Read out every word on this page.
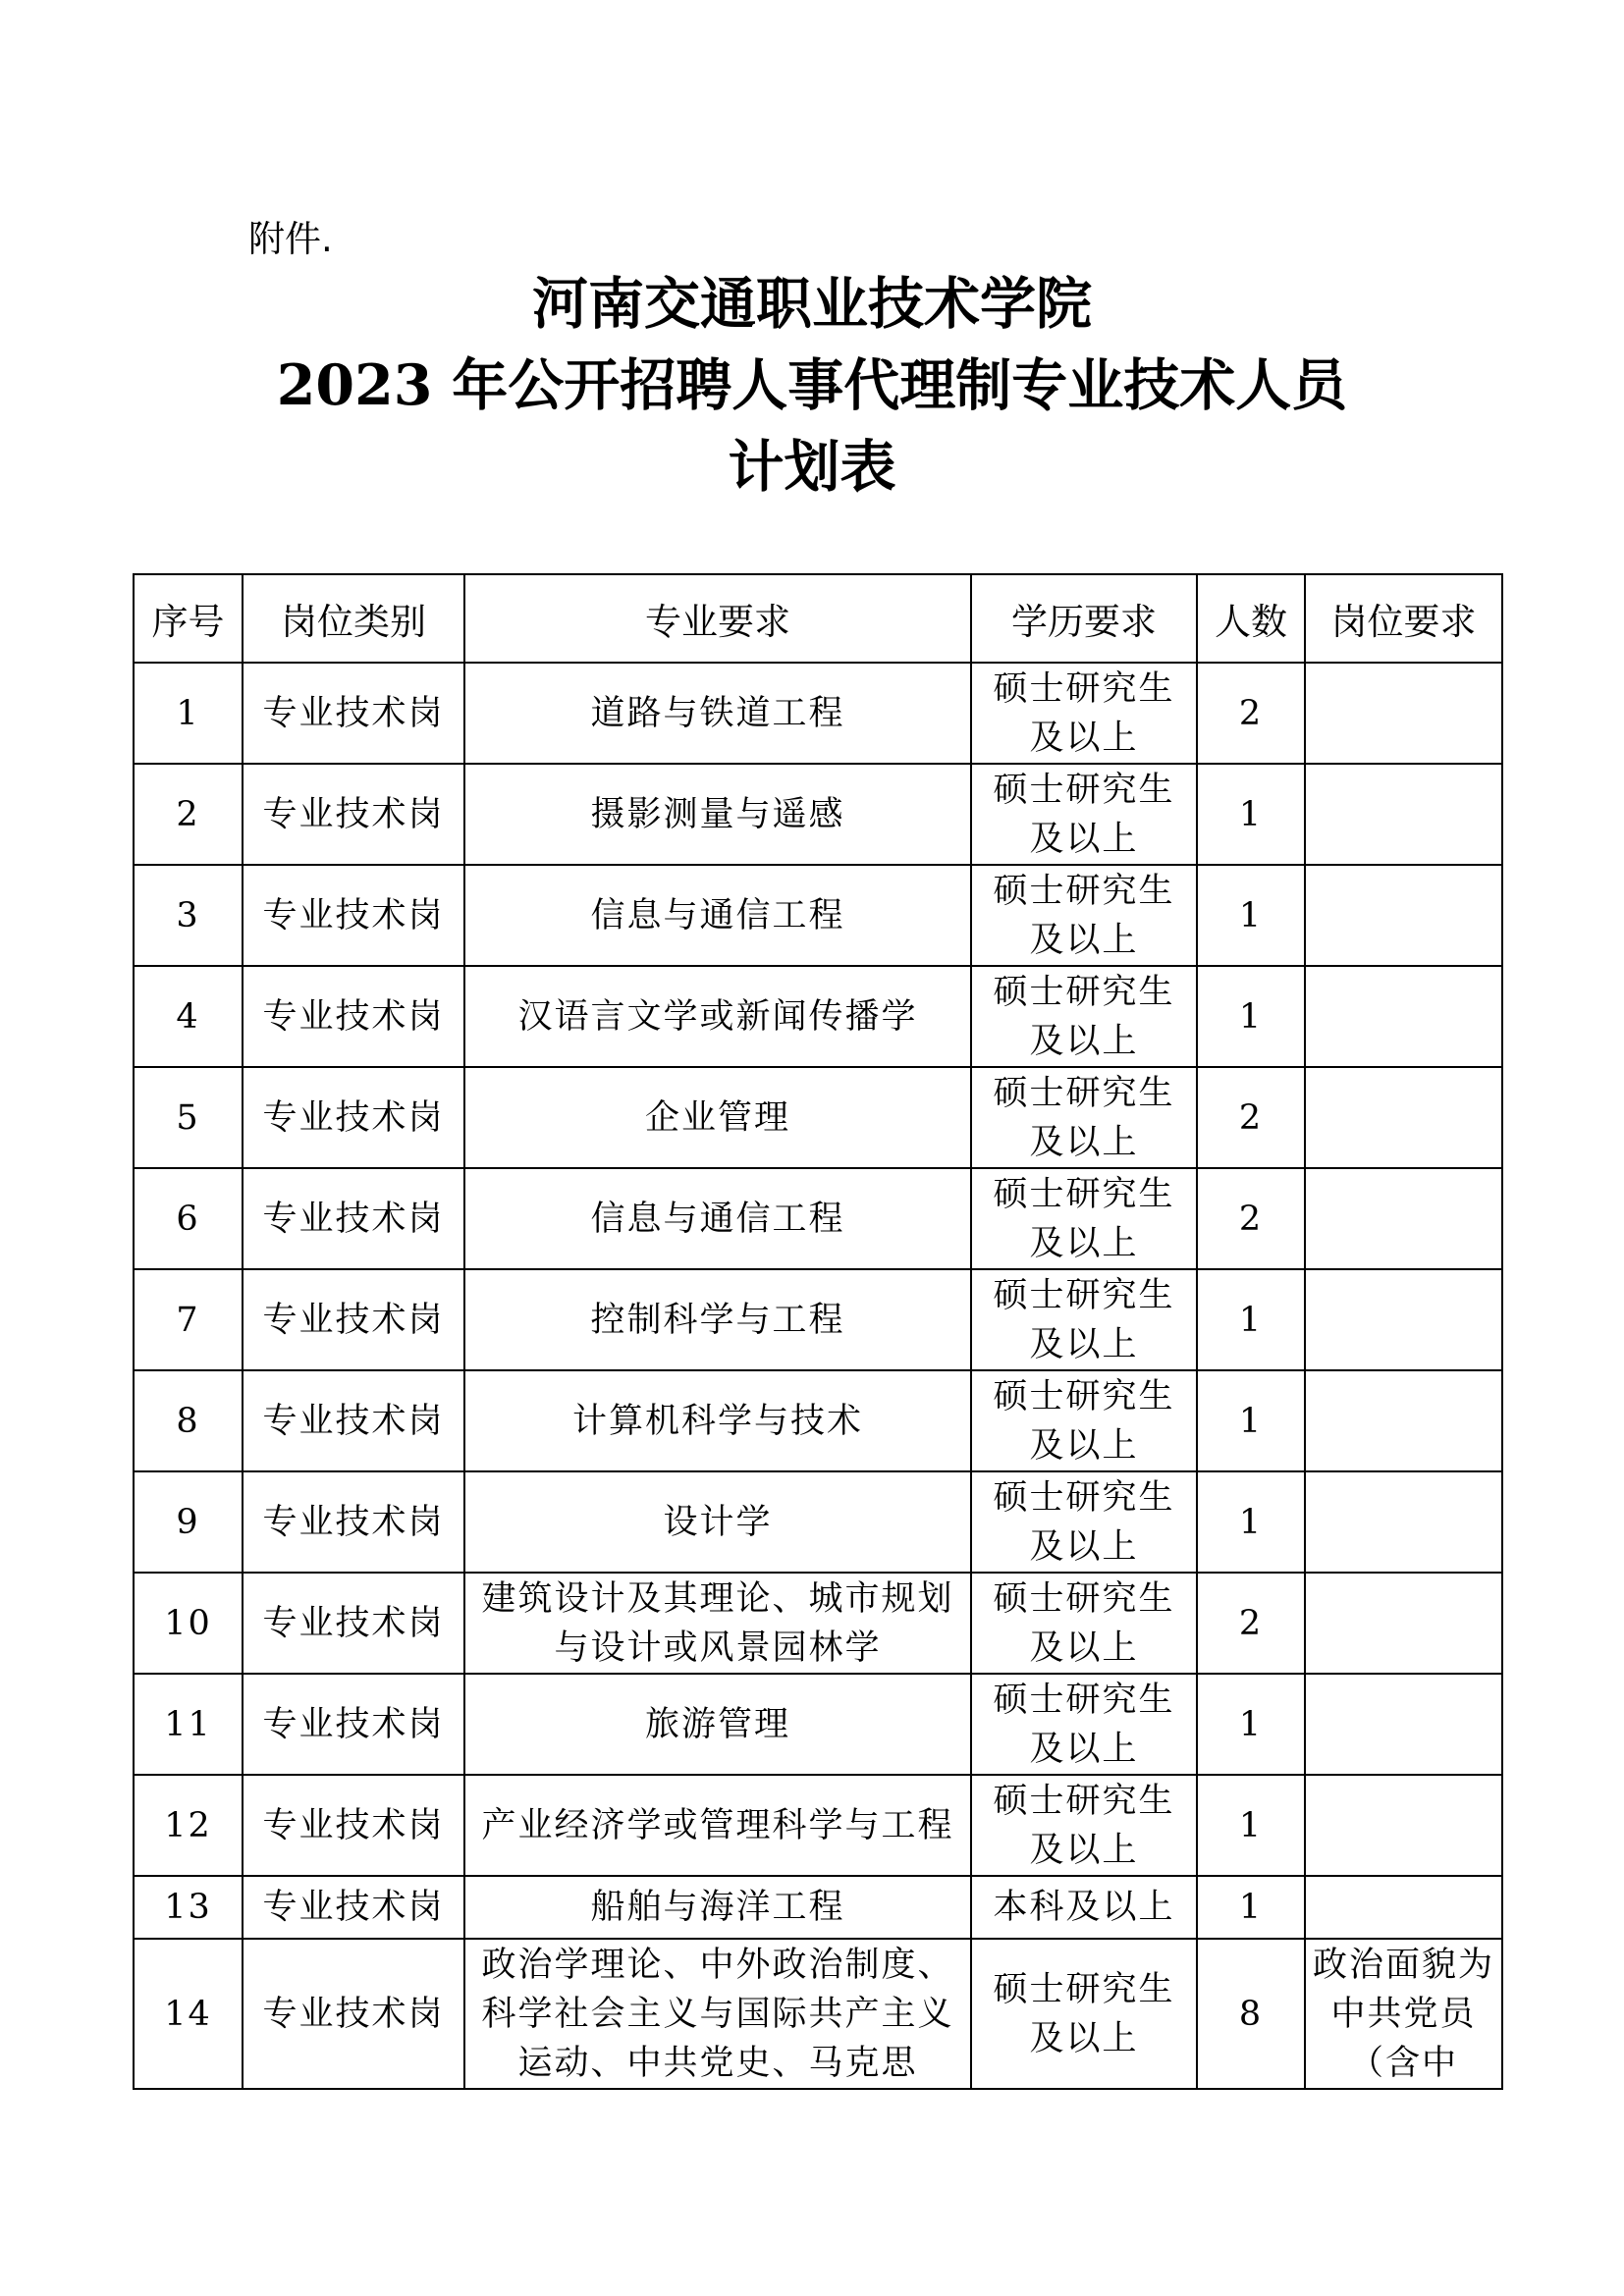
附件.
河南交通职业技术学院
2023 年公开招聘人事代理制专业技术人员
计划表
序号	岗位类别	专业要求	学历要求	人数	岗位要求
1	专业技术岗	道路与铁道工程	硕士研究生及以上	2	
2	专业技术岗	摄影测量与遥感	硕士研究生及以上	1	
3	专业技术岗	信息与通信工程	硕士研究生及以上	1	
4	专业技术岗	汉语言文学或新闻传播学	硕士研究生及以上	1	
5	专业技术岗	企业管理	硕士研究生及以上	2	
6	专业技术岗	信息与通信工程	硕士研究生及以上	2	
7	专业技术岗	控制科学与工程	硕士研究生及以上	1	
8	专业技术岗	计算机科学与技术	硕士研究生及以上	1	
9	专业技术岗	设计学	硕士研究生及以上	1	
10	专业技术岗	建筑设计及其理论、城市规划与设计或风景园林学	硕士研究生及以上	2	
11	专业技术岗	旅游管理	硕士研究生及以上	1	
12	专业技术岗	产业经济学或管理科学与工程	硕士研究生及以上	1	
13	专业技术岗	船舶与海洋工程	本科及以上	1	
14	专业技术岗	政治学理论、中外政治制度、科学社会主义与国际共产主义运动、中共党史、马克思	硕士研究生及以上	8	政治面貌为中共党员（含中
